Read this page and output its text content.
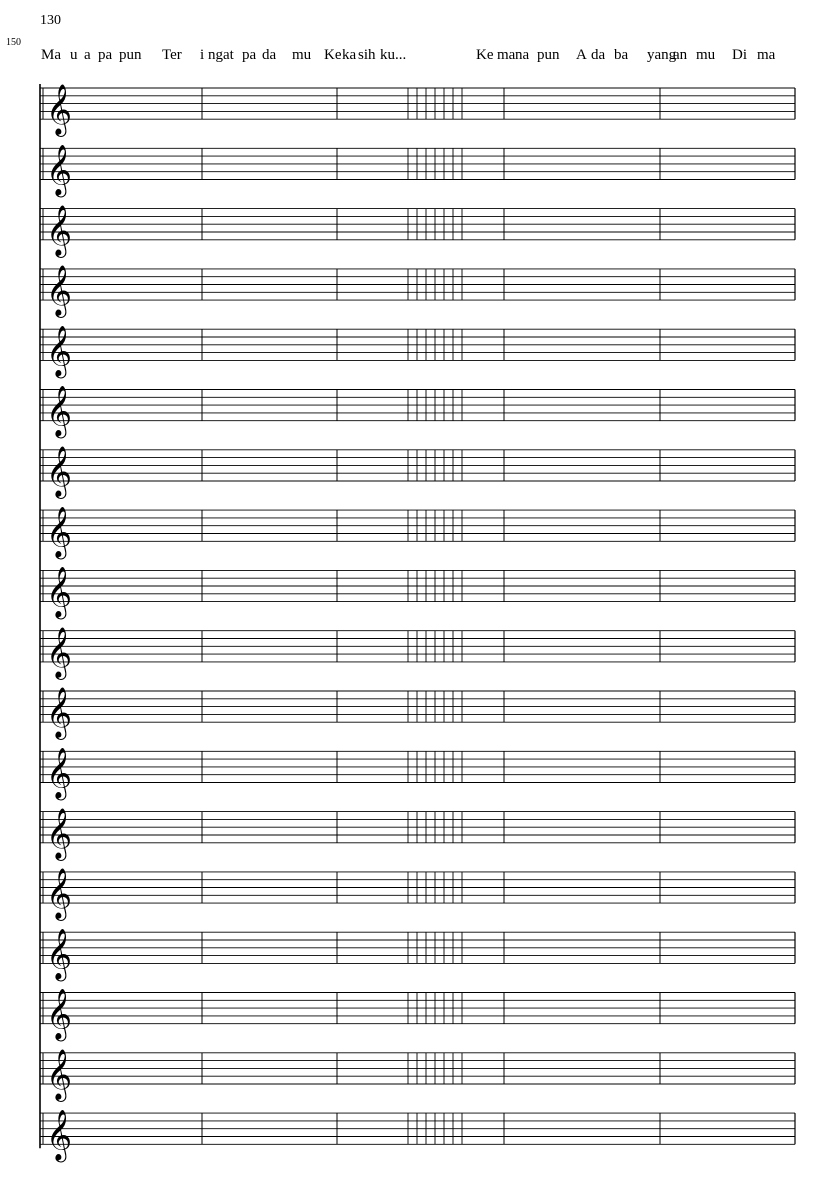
130
150
Ma u a pa pun Ter i ngat pa da mu Ke ka sih ku...	Ke ma na pun A da ba yang
an mu Di ma
𝄞
𝄞
𝄞
𝄞
𝄞
𝄞
𝄞
𝄞
𝄞
𝄞
𝄞
𝄞
𝄞
𝄞
𝄞
𝄞
𝄞
𝄞
